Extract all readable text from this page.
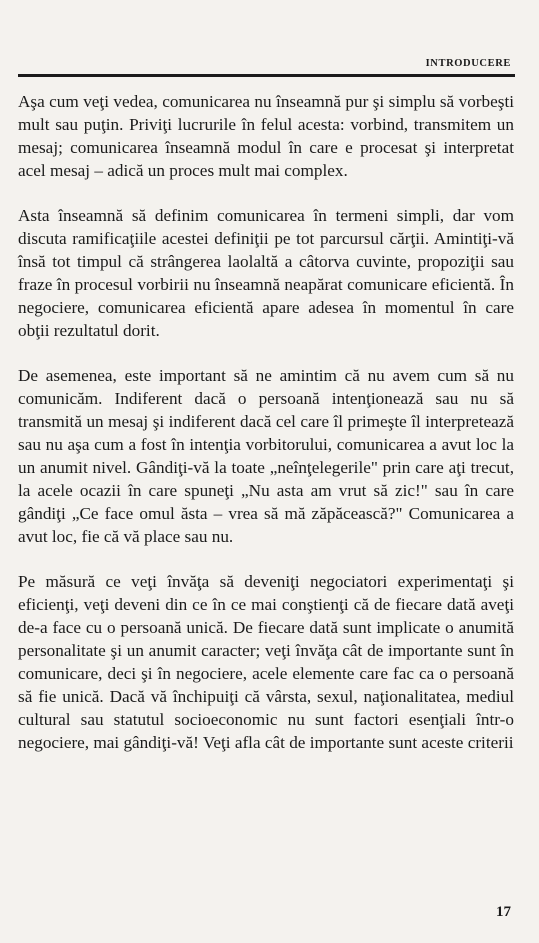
INTRODUCERE

Aşa cum veţi vedea, comunicarea nu înseamnă pur şi simplu să vorbeşti mult sau puţin. Priviţi lucrurile în felul acesta: vorbind, transmitem un mesaj; comunicarea înseamnă modul în care e procesat şi interpretat acel mesaj – adică un proces mult mai complex.

Asta înseamnă să definim comunicarea în termeni simpli, dar vom discuta ramificaţiile acestei definiţii pe tot parcursul cărţii. Amintiţi-vă însă tot timpul că strângerea laolaltă a câtorva cuvinte, propoziţii sau fraze în procesul vorbirii nu înseamnă neapărat comunicare eficientă. În negociere, comunicarea eficientă apare adesea în momentul în care obţii rezultatul dorit.

De asemenea, este important să ne amintim că nu avem cum să nu comunicăm. Indiferent dacă o persoană intenţionează sau nu să transmită un mesaj şi indiferent dacă cel care îl primeşte îl interpretează sau nu aşa cum a fost în intenţia vorbitorului, comunicarea a avut loc la un anumit nivel. Gândiţi-vă la toate „neînţelegerile" prin care aţi trecut, la acele ocazii în care spuneţi „Nu asta am vrut să zic!" sau în care gândiţi „Ce face omul ăsta – vrea să mă zăpăcească?" Comunicarea a avut loc, fie că vă place sau nu.

Pe măsură ce veţi învăţa să deveniţi negociatori experimentaţi şi eficienţi, veţi deveni din ce în ce mai conştienţi că de fiecare dată aveţi de-a face cu o persoană unică. De fiecare dată sunt implicate o anumită personalitate şi un anumit caracter; veţi învăţa cât de importante sunt în comunicare, deci şi în negociere, acele elemente care fac ca o persoană să fie unică. Dacă vă închipuiţi că vârsta, sexul, naţionalitatea, mediul cultural sau statutul socioeconomic nu sunt factori esenţiali într-o negociere, mai gândiţi-vă! Veţi afla cât de importante sunt aceste criterii

17
